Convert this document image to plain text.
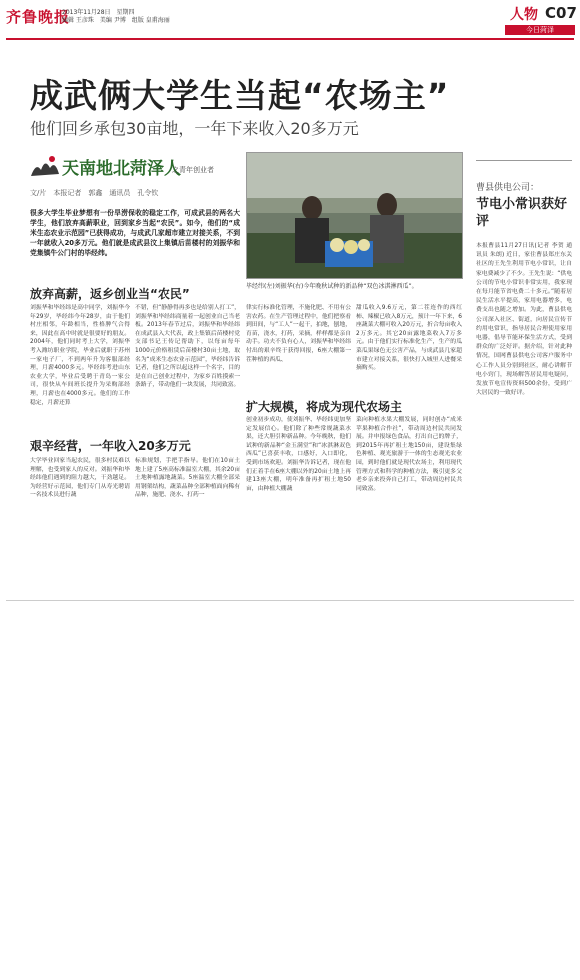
齐鲁晚报
2013年11月28日　星期四
编辑 王彦珠　美编 尹博　组版 皇甫海丽	人物 C07
今日菏泽
成武俩大学生当起“农场主”
他们回乡承包30亩地，一年下来收入20多万元
天南地北菏泽人
之青年创业者
文/片　本报记者　郭鑫　通讯员　孔令钦
很多大学生毕业梦想有一份旱涝保收的稳定工作，可成武县的两名大学生，他们放弃高薪职业，回到家乡当起“农民”。如今，他们的“成米生态农业示范园”已获得成功，与成武几家超市建立对接关系，不到一年就收入20多万元。他们就是成武县汶上集镇后苗楼村的刘振华和党集镇牛公门村的毕经纬。
毕经纬(左)刘振华(右)今年晚秋试种的新品种“双色冰淇淋西瓜”。
放弃高薪，返乡创业当“农民”
艰辛经营，一年收入20多万元
扩大规模，将成为现代农场主
刘振华和毕经纬是高中同学，刘振华今年29岁，毕经纬今年28岁，由于他们村庄相邻，年龄相当，性格脾气合得来，因此在高中时就是很要好的朋友。2004年，他们同时考上大学，刘振华考入潍坊职业学院，毕业后就职于苏州一家电子厂，不到两年升为客服部经理，月薪4000多元。毕经纬考进山东农业大学，毕业后受聘于青岛一家公司，很快从车间班长提升为采购部经理，月薪也在4000多元。他们的工作稳定，月薪还算
不错，但“静静得再多也是给别人打工”，刘振华和毕经纬商量着一起创业自己当老板。2013年春节过后，刘振华和毕经纬在成武县入大代表，政上集镇后苗楼村党支部书记王传记帮助下，以每亩每年1000元价格租赁后苗楼村30亩土地，取名为“成米生态农业示范园”，毕经纬告诉记者，他们之所以起这样一个名字，目的是在自己创业过程中，为家乡百姓摸索一条路子，带动他们一块发展，共同致富。
大学毕业回家当起农民，很多村民难以理解，也受到家人的反对。刘振华和毕经纬他们遇到的阻力越大，干劲越足。为经营好示范园，他们专门从寿光聘请一名技术员进行蔬
标准规划，手把手指导。他们在10亩土地上建了5座高标准温室大棚，其余20亩土地种植露地蔬菜。5座温室大棚全部采用钢架结构，蔬菜品种全部种植面向稀有品种，施肥、浇水、打药一
律实行标准化管理，不施化肥、不用有公害农药。在生产管理过程中，他们把察看到田间，与“工人”一起干，拍地，刨地，育苗，浇水，打药，采摘，样样都是亲自动手。功夫不负有心人，刘振华和毕经纬付出的艰辛终于获得回报，6座大棚第一茬种植的西瓜、
甜瓜收入9.6万元，第二茬连作的西红柿、辣椒已收入8万元，预计一年下来，6座蔬菜大棚可收入20万元，折合每亩收入2万多元。其它20亩露地菜收入7万多元。由于他们实行标准化生产，生产的瓜菜瓜果绿色无公害产品，与成武县几家超市建立对接关系，很快打入城里人进餐采摘购买。
创业初步成功，使刘振华、毕经纬更加坚定发展信心。他们除了种些常规蔬菜水果，还大胆引种新品种。今年晚秋，他们试种的新品种“金玉满堂”和“冰淇淋双色西瓜”已喜获丰收，口感好，入口即化，受到市场欢迎。刘振华告诉记者，现在他们正着手在6座大棚以外的20亩土地上再建13座大棚，明年准备再扩租土地50亩，由种植大棚蔬
菜向种植水果大棚发展，同时创办“成米苹果种植合作社”，带动周边村民共同发展。并申报绿色食品，打出自己的牌子，到2015年再扩租土地150亩，建设集绿色种植、观光旅游于一体的生态观光农业园，到时他们就是现代农场主，利用现代管理方式和科学的种植方法，吸引更多父老乡亲来投奔自己打工，带动周边村民共同致富。
曹县供电公司：
节电小常识获好评
本报曹县11月27日讯(记者 李贺 通讯员 朱朗) 近日，家住曹县郑庄东关社区的王先生利用节电小常识，让自家电费减少了不少。王先生说：“供电公司的节电小常识非常实用，我家现在每月能节省电费二十多元。”随着居民生活水平提高，家用电器增多，电费支出也随之增加。为此，曹县供电公司深入社区、街道，向居民宣传节约用电常识，指导居民合理使用家用电器，倡导节能环保生活方式，受到群众的广泛好评。据介绍，针对此种情况，国网曹县供电公司客户服务中心工作人员分别到社区，耐心讲解节电小窍门，现场解答居民用电疑问，发放节电宣传资料500余份，受到广大居民的一致好评。
